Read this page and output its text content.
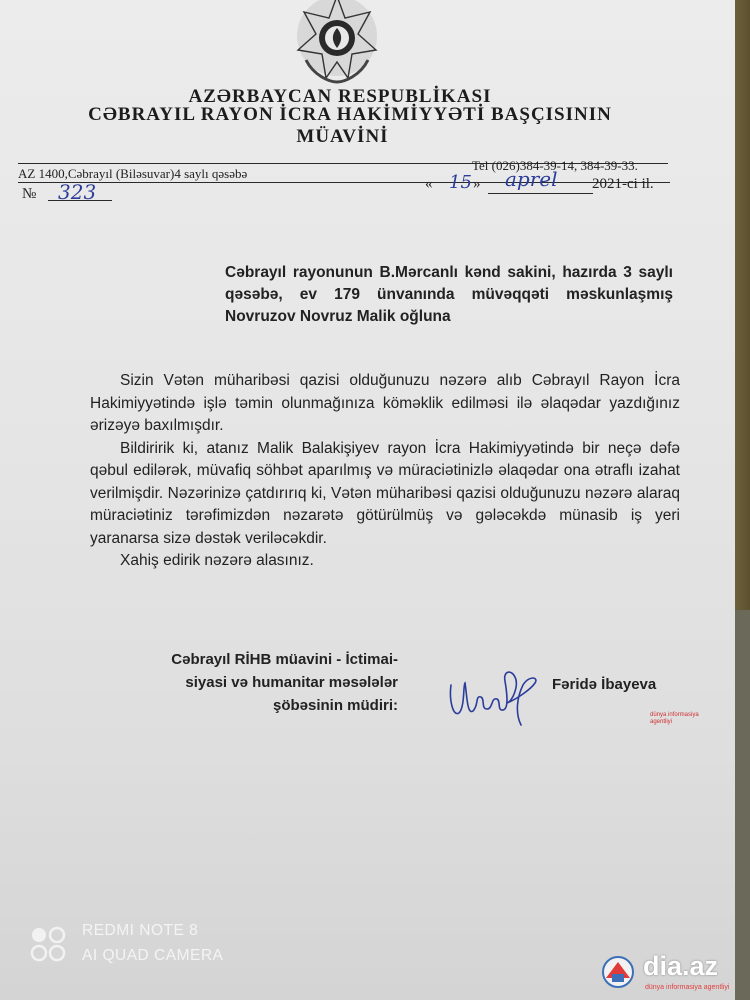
AZƏRBAYCAN RESPUBLİKASI
CƏBRAYIL RAYON İCRA HAKİMİYYƏTİ BAŞÇISININ
MÜAVİNİ
Tel (026)384-39-14, 384-39-33.
AZ 1400,Cəbrayıl (Biləsuvar)4 saylı qəsəbə
№ 323	« 15 » aprel 2021-ci il.
Cəbrayıl rayonunun B.Mərcanlı kənd sakini, hazırda 3 saylı qəsəbə, ev 179 ünvanında müvəqqəti məskunlaşmış Novruzov Novruz Malik oğluna

Sizin Vətən müharibəsi qazisi olduğunuzu nəzərə alıb Cəbrayıl Rayon İcra Hakimiyyətində işlə təmin olunmağınıza köməklik edilməsi ilə əlaqədar yazdığınız ərizəyə baxılmışdır.

Bildiririk ki, atanız Malik Balakişiyev rayon İcra Hakimiyyətində bir neçə dəfə qəbul edilərək, müvafiq söhbət aparılmış və müraciətinizlə əlaqədar ona ətraflı izahat verilmişdir. Nəzərinizə çatdırırıq ki, Vətən müharibəsi qazisi olduğunuzu nəzərə alaraq müraciətiniz tərəfimizdən nəzarətə götürülmüş və gələcəkdə münasib iş yeri yaranarsa sizə dəstək veriləcəkdir.

Xahiş edirik nəzərə alasınız.

Cəbrayıl RİHB müavini - İctimai-
siyasi və humanitar məsələlər
şöbəsinin müdiri:
Fəridə İbayeva
dünya informasiya
agentliyi
REDMI NOTE 8
AI QUAD CAMERA	dia.az
dünya informasiya agentliyi
